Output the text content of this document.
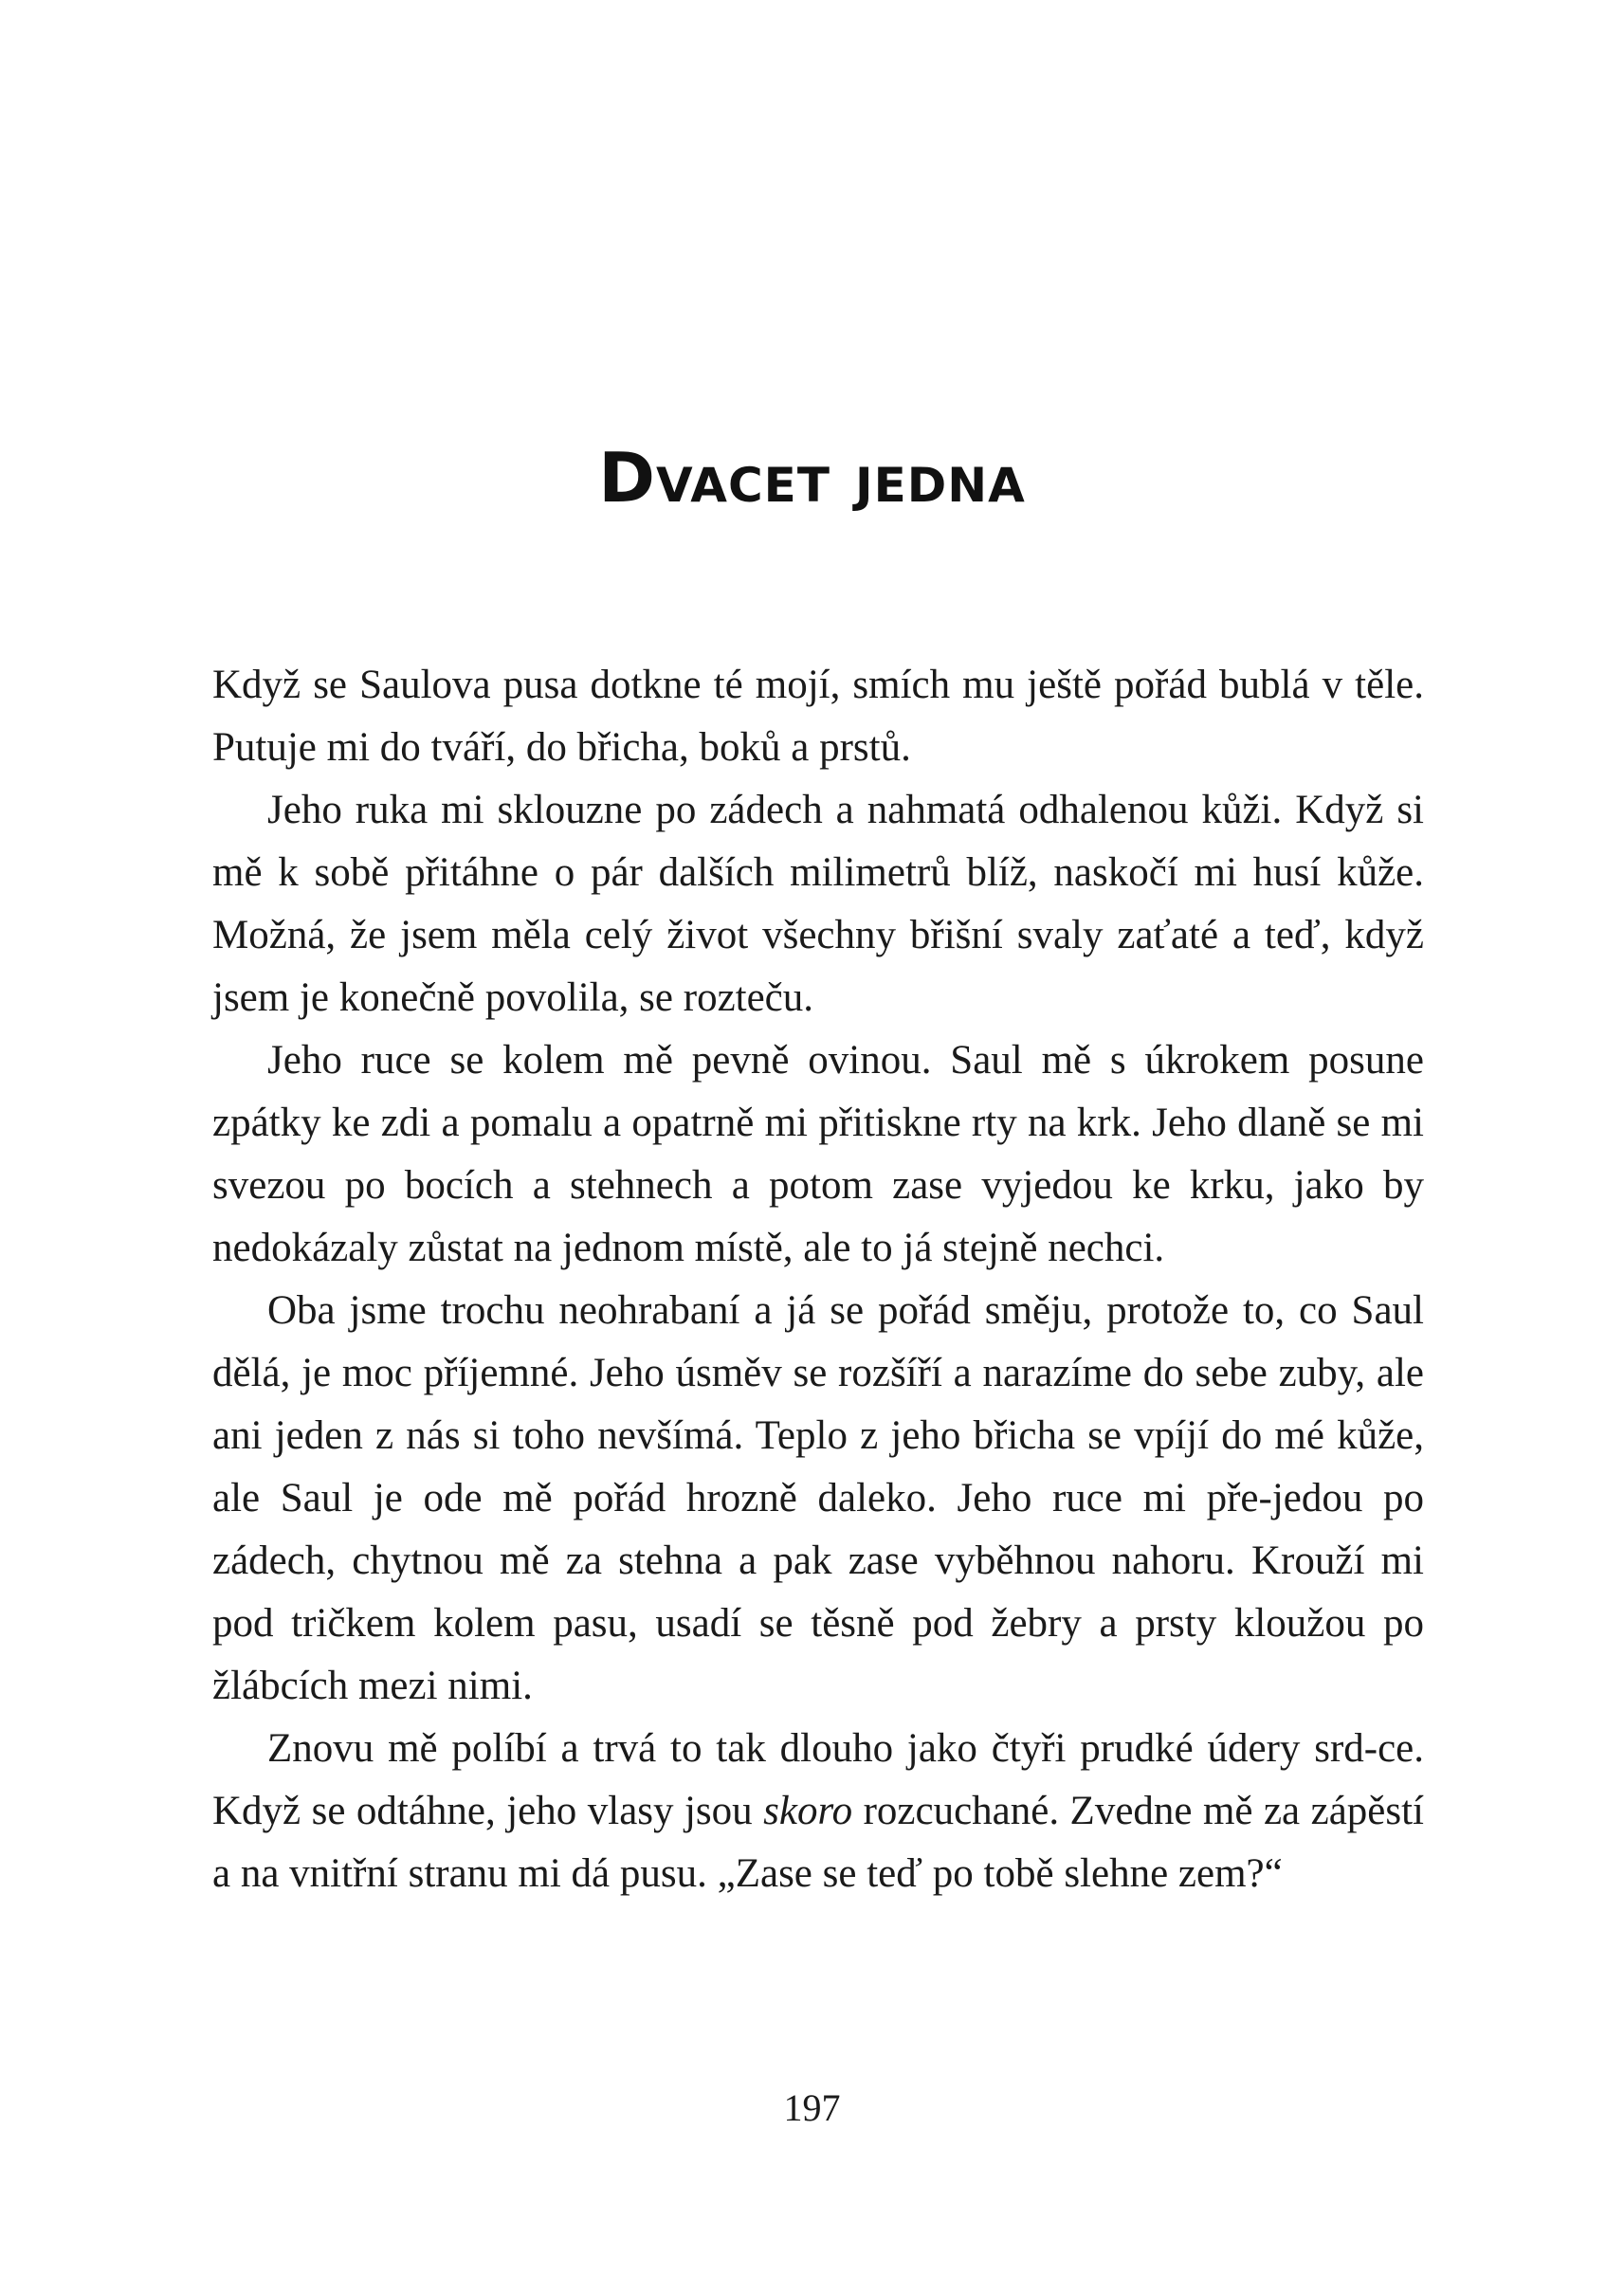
Dvacet jedna

Když se Saulova pusa dotkne té mojí, smích mu ještě pořád bublá v těle. Putuje mi do tváří, do břicha, boků a prstů.

Jeho ruka mi sklouzne po zádech a nahmatá odhalenou kůži. Když si mě k sobě přitáhne o pár dalších milimetrů blíž, naskočí mi husí kůže. Možná, že jsem měla celý život všechny břišní svaly zaťaté a teď, když jsem je konečně povolila, se rozteču.

Jeho ruce se kolem mě pevně ovinou. Saul mě s úkrokem posune zpátky ke zdi a pomalu a opatrně mi přitiskne rty na krk. Jeho dlaně se mi svezou po bocích a stehnech a potom zase vyjedou ke krku, jako by nedokázaly zůstat na jednom místě, ale to já stejně nechci.

Oba jsme trochu neohrabaní a já se pořád směju, protože to, co Saul dělá, je moc příjemné. Jeho úsměv se rozšíří a narazíme do sebe zuby, ale ani jeden z nás si toho nevšímá. Teplo z jeho břicha se vpíjí do mé kůže, ale Saul je ode mě pořád hrozně daleko. Jeho ruce mi pře-jedou po zádech, chytnou mě za stehna a pak zase vyběhnou nahoru. Krouží mi pod tričkem kolem pasu, usadí se těsně pod žebry a prsty kloužou po žlábcích mezi nimi.

Znovu mě políbí a trvá to tak dlouho jako čtyři prudké údery srd-ce. Když se odtáhne, jeho vlasy jsou skoro rozcuchané. Zvedne mě za zápěstí a na vnitřní stranu mi dá pusu. „Zase se teď po tobě slehne zem?“

197
